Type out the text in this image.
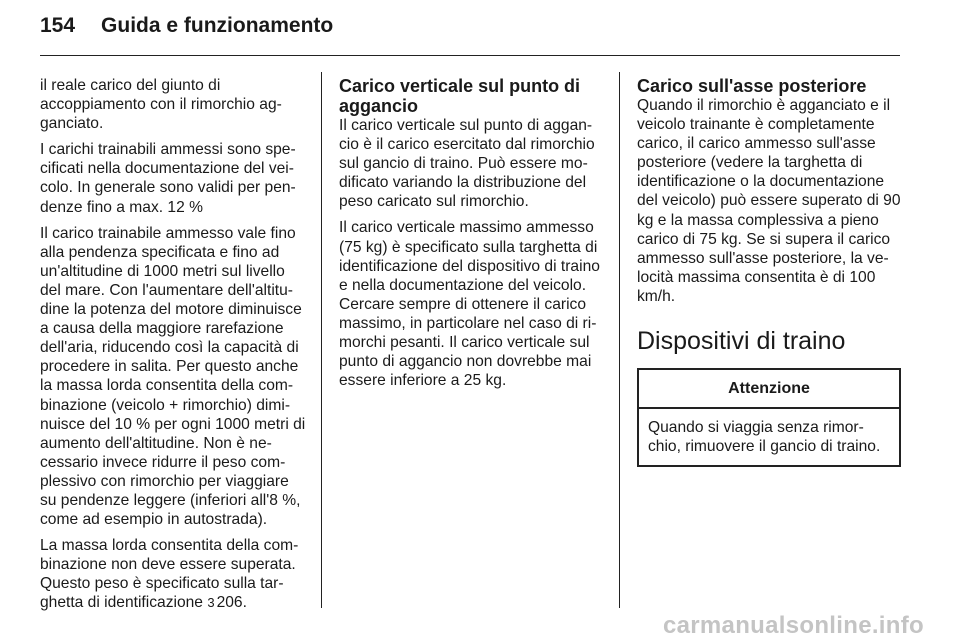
154 Guida e funzionamento

il reale carico del giunto di accoppiamento con il rimorchio agganciato.

I carichi trainabili ammessi sono specificati nella documentazione del veicolo. In generale sono validi per pendenze fino a max. 12 %

Il carico trainabile ammesso vale fino alla pendenza specificata e fino ad un'altitudine di 1000 metri sul livello del mare. Con l'aumentare dell'altitudine la potenza del motore diminuisce a causa della maggiore rarefazione dell'aria, riducendo così la capacità di procedere in salita. Per questo anche la massa lorda consentita della combinazione (veicolo + rimorchio) diminuisce del 10 % per ogni 1000 metri di aumento dell'altitudine. Non è necessario invece ridurre il peso complessivo con rimorchio per viaggiare su pendenze leggere (inferiori all'8 %, come ad esempio in autostrada).

La massa lorda consentita della combinazione non deve essere superata. Questo peso è specificato sulla targhetta di identificazione 3 206.

Carico verticale sul punto di aggancio

Il carico verticale sul punto di aggancio è il carico esercitato dal rimorchio sul gancio di traino. Può essere modificato variando la distribuzione del peso caricato sul rimorchio.

Il carico verticale massimo ammesso (75 kg) è specificato sulla targhetta di identificazione del dispositivo di traino e nella documentazione del veicolo. Cercare sempre di ottenere il carico massimo, in particolare nel caso di rimorchi pesanti. Il carico verticale sul punto di aggancio non dovrebbe mai essere inferiore a 25 kg.

Carico sull'asse posteriore

Quando il rimorchio è agganciato e il veicolo trainante è completamente carico, il carico ammesso sull'asse posteriore (vedere la targhetta di identificazione o la documentazione del veicolo) può essere superato di 90 kg e la massa complessiva a pieno carico di 75 kg. Se si supera il carico ammesso sull'asse posteriore, la velocità massima consentita è di 100 km/h.

Dispositivi di traino
Attenzione
Quando si viaggia senza rimorchio, rimuovere il gancio di traino.
carmanualsonline.info
